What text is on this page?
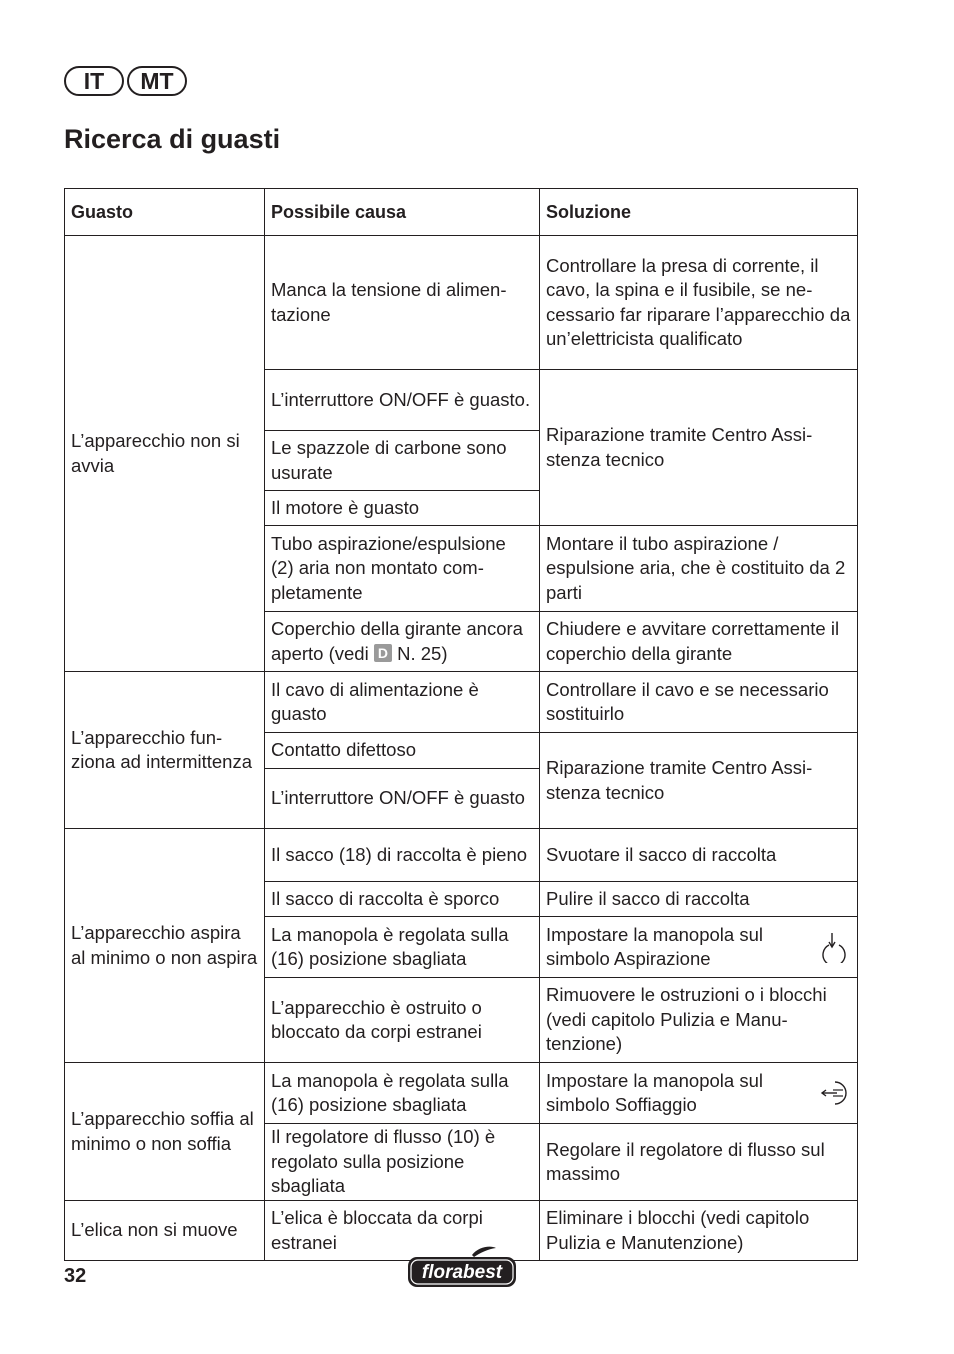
IT	MT
Ricerca di guasti
Guasto	Possibile causa	Soluzione
L’apparecchio non si avvia	Manca la tensione di alimentazione	Controllare la presa di corrente, il cavo, la spina e il fusibile, se necessario far riparare l’apparecchio da un’elettricista qualificato
	L’interruttore ON/OFF è guasto.	Riparazione tramite Centro Assistenza tecnico
	Le spazzole di carbone sono usurate	
	Il motore è guasto	
	Tubo aspirazione/espulsione (2) aria non montato completamente	Montare il tubo aspirazione / espulsione aria, che è costituito da 2 parti
	Coperchio della girante ancora aperto (vedi D N. 25)	Chiudere e avvitare correttamente il coperchio della girante
L’apparecchio funziona ad intermittenza	Il cavo di alimentazione è guasto	Controllare il cavo e se necessario sostituirlo
	Contatto difettoso	Riparazione tramite Centro Assistenza tecnico
	L’interruttore ON/OFF è guasto	
L’apparecchio aspira al minimo o non aspira	Il sacco (18) di raccolta è pieno	Svuotare il sacco di raccolta
	Il sacco di raccolta è sporco	Pulire il sacco di raccolta
	La manopola è regolata sulla (16) posizione sbagliata	Impostare la manopola sul simbolo Aspirazione

	L’apparecchio è ostruito o bloccato da corpi estranei	Rimuovere le ostruzioni o i blocchi (vedi capitolo Pulizia e Manutenzione)
L’apparecchio soffia al minimo o non soffia	La manopola è regolata sulla (16) posizione sbagliata	Impostare la manopola sul simbolo Soffiaggio

	Il regolatore di flusso (10) è regolato sulla posizione sbagliata	Regolare il regolatore di flusso sul massimo
L’elica non si muove	L’elica è bloccata da corpi estranei	Eliminare i blocchi (vedi capitolo Pulizia e Manutenzione)
32	florabest
